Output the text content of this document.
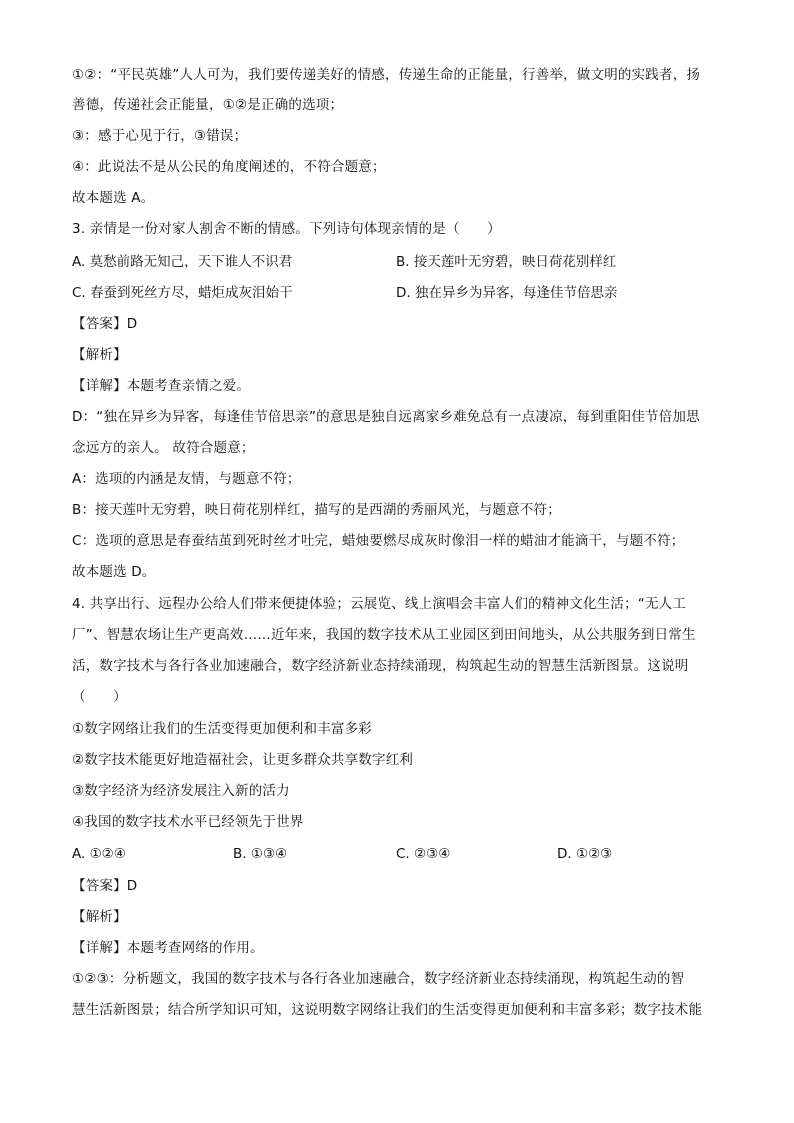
①②：“平民英雄”人人可为，我们要传递美好的情感，传递生命的正能量，行善举，做文明的实践者，扬
善德，传递社会正能量，①②是正确的选项；
③：感于心见于行，③错误；
④：此说法不是从公民的角度阐述的，不符合题意；
故本题选 A。
3. 亲情是一份对家人割舍不断的情感。下列诗句体现亲情的是（　　）
A. 莫愁前路无知己，天下谁人不识君	B. 接天莲叶无穷碧，映日荷花别样红
C. 春蚕到死丝方尽，蜡炬成灰泪始干	D. 独在异乡为异客，每逢佳节倍思亲
【答案】D
【解析】
【详解】本题考查亲情之爱。
D：“独在异乡为异客，每逢佳节倍思亲”的意思是独自远离家乡难免总有一点凄凉，每到重阳佳节倍加思
念远方的亲人。 故符合题意；
A：选项的内涵是友情，与题意不符；
B：接天莲叶无穷碧，映日荷花别样红，描写的是西湖的秀丽风光，与题意不符；
C：选项的意思是春蚕结茧到死时丝才吐完，蜡烛要燃尽成灰时像泪一样的蜡油才能滴干，与题不符；
故本题选 D。
4. 共享出行、远程办公给人们带来便捷体验；云展览、线上演唱会丰富人们的精神文化生活；“无人工
厂”、智慧农场让生产更高效……近年来，我国的数字技术从工业园区到田间地头，从公共服务到日常生
活，数字技术与各行各业加速融合，数字经济新业态持续涌现，构筑起生动的智慧生活新图景。这说明
（　　）
①数字网络让我们的生活变得更加便利和丰富多彩
②数字技术能更好地造福社会，让更多群众共享数字红利
③数字经济为经济发展注入新的活力
④我国的数字技术水平已经领先于世界
A. ①②④	B. ①③④	C. ②③④	D. ①②③
【答案】D
【解析】
【详解】本题考查网络的作用。
①②③：分析题文，我国的数字技术与各行各业加速融合，数字经济新业态持续涌现，构筑起生动的智
慧生活新图景；结合所学知识可知，这说明数字网络让我们的生活变得更加便利和丰富多彩；数字技术能
